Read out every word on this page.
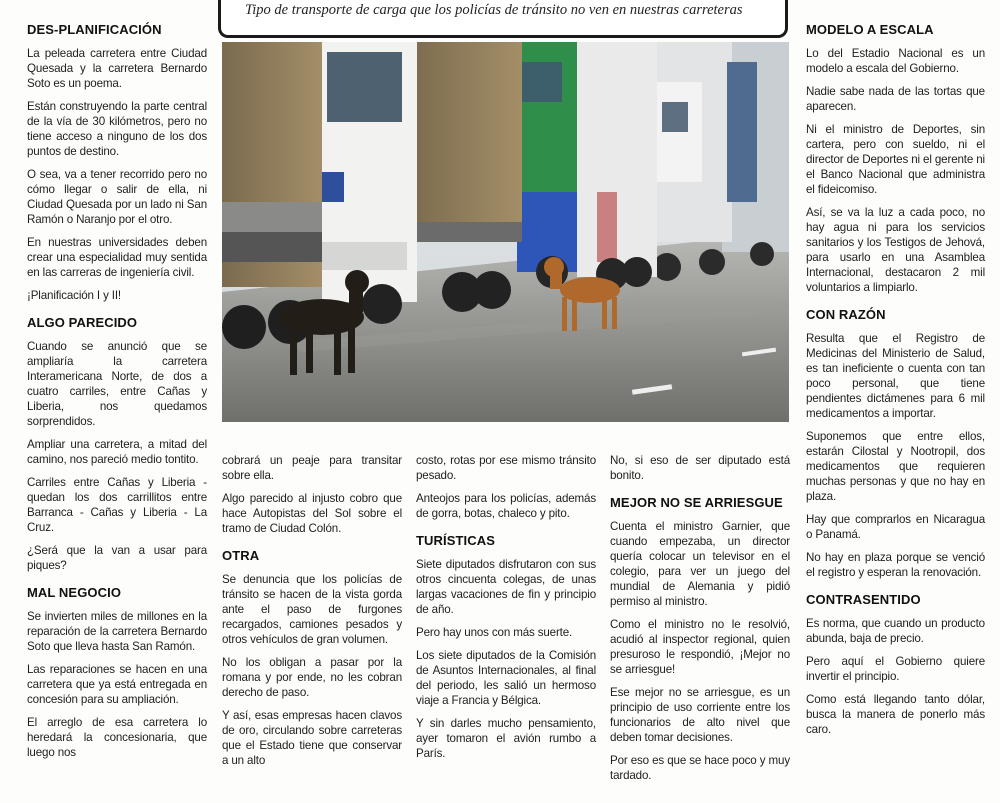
Tipo de transporte de carga que los policías de tránsito no ven en nuestras carreteras
DES-PLANIFICACIÓN

La peleada carretera entre Ciudad Quesada y la carretera Bernardo Soto es un poema.

Están construyendo la parte central de la vía de 30 kilómetros, pero no tiene acceso a ninguno de los dos puntos de destino.

O sea, va a tener recorrido pero no cómo llegar o salir de ella, ni Ciudad Quesada por un lado ni San Ramón o Naranjo por el otro.

En nuestras universidades deben crear una especialidad muy sentida en las carreras de ingeniería civil.

¡Planificación I y II!

ALGO PARECIDO

Cuando se anunció que se ampliaría la carretera Interamericana Norte, de dos a cuatro carriles, entre Cañas y Liberia, nos quedamos sorprendidos.

Ampliar una carretera, a mitad del camino, nos pareció medio tontito.

Carriles entre Cañas y Liberia - quedan los dos carrillitos entre Barranca - Cañas y Liberia - La Cruz.

¿Será que la van a usar para piques?

MAL NEGOCIO

Se invierten miles de millones en la reparación de la carretera Bernardo Soto que lleva hasta San Ramón.

Las reparaciones se hacen en una carretera que ya está entregada en concesión para su ampliación.

El arreglo de esa carretera lo heredará la concesionaria, que luego nos

cobrará un peaje para transitar sobre ella.

Algo parecido al injusto cobro que hace Autopistas del Sol sobre el tramo de Ciudad Colón.

OTRA

Se denuncia que los policías de tránsito se hacen de la vista gorda ante el paso de furgones recargados, camiones pesados y otros vehículos de gran volumen.

No los obligan a pasar por la romana y por ende, no les cobran derecho de paso.

Y así, esas empresas hacen clavos de oro, circulando sobre carreteras que el Estado tiene que conservar a un alto

costo, rotas por ese mismo tránsito pesado.

Anteojos para los policías, además de gorra, botas, chaleco y pito.

TURÍSTICAS

Siete diputados disfrutaron con sus otros cincuenta colegas, de unas largas vacaciones de fin y principio de año.

Pero hay unos con más suerte.

Los siete diputados de la Comisión de Asuntos Internacionales, al final del periodo, les salió un hermoso viaje a Francia y Bélgica.

Y sin darles mucho pensamiento, ayer tomaron el avión rumbo a París.

No, si eso de ser diputado está bonito.

MEJOR NO SE ARRIESGUE

Cuenta el ministro Garnier, que cuando empezaba, un director quería colocar un televisor en el colegio, para ver un juego del mundial de Alemania y pidió permiso al ministro.

Como el ministro no le resolvió, acudió al inspector regional, quien presuroso le respondió, ¡Mejor no se arriesgue!

Ese mejor no se arriesgue, es un principio de uso corriente entre los funcionarios de alto nivel que deben tomar decisiones.

Por eso es que se hace poco y muy tardado.

MODELO A ESCALA

Lo del Estadio Nacional es un modelo a escala del Gobierno.

Nadie sabe nada de las tortas que aparecen.

Ni el ministro de Deportes, sin cartera, pero con sueldo, ni el director de Deportes ni el gerente ni el Banco Nacional que administra el fideicomiso.

Así, se va la luz a cada poco, no hay agua ni para los servicios sanitarios y los Testigos de Jehová, para usarlo en una Asamblea Internacional, destacaron 2 mil voluntarios a limpiarlo.

CON RAZÓN

Resulta que el Registro de Medicinas del Ministerio de Salud, es tan ineficiente o cuenta con tan poco personal, que tiene pendientes dictámenes para 6 mil medicamentos a importar.

Suponemos que entre ellos, estarán Cilostal y Nootropil, dos medicamentos que requieren muchas personas y que no hay en plaza.

Hay que comprarlos en Nicaragua o Panamá.

No hay en plaza porque se venció el registro y esperan la renovación.

CONTRASENTIDO

Es norma, que cuando un producto abunda, baja de precio.

Pero aquí el Gobierno quiere invertir el principio.

Como está llegando tanto dólar, busca la manera de ponerlo más caro.
